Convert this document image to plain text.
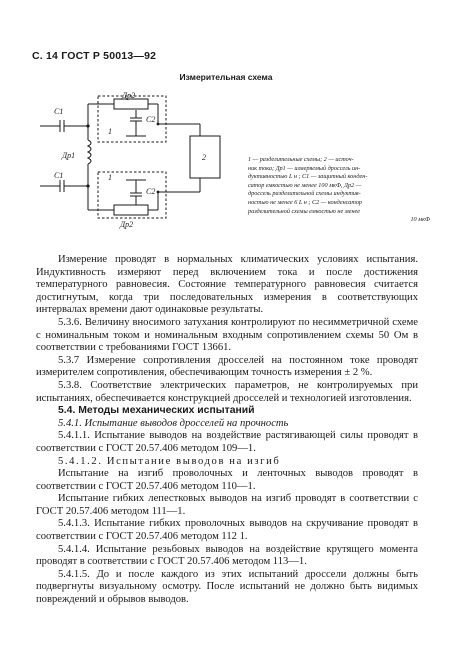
С. 14 ГОСТ Р 50013—92
Измерительная схема
С1
С1
Др1
Др2
Др2
С2
С2
1
1
2	1 — разделительные схемы; 2 — источ-
ник тока; Др1 — измеряемый дроссель ин-
дуктивностью L н ; С1 — защитный конден-
сатор емкостью не менее 100 мкФ, Др2 —
дроссель разделительной схемы индуктив-
ностью не менее 6 L н ; С2 — конденсатор
разделительной схемы емкостью не менее
10 мкФ

Измерение проводят в нормальных климатических условиях испытания. Индуктивность измеряют перед включением тока и после достижения температурного равновесия. Состояние температурного равновесия считается достигнутым, когда три последовательных измерения в соответствующих интервалах времени дают одинаковые результаты.

5.3.6. Величину вносимого затухания контролируют по несимметричной схеме с номинальным током и номинальным входным сопротивлением схемы 50 Ом в соответствии с требованиями ГОСТ 13661.

5.3.7 Измерение сопротивления дросселей на постоянном токе проводят измерителем сопротивления, обеспечивающим точность измерения ± 2 %.

5.3.8. Соответствие электрических параметров, не контролируемых при испытаниях, обеспечивается конструкцией дросселей и технологией изготовления.

5.4. Методы механических испытаний

5.4.1. Испытание выводов дросселей на прочность

5.4.1.1. Испытание выводов на воздействие растягивающей силы проводят в соответствии с ГОСТ 20.57.406 методом 109—1.

5.4.1.2. Испытание выводов на изгиб

Испытание на изгиб проволочных и ленточных выводов проводят в соответствии с ГОСТ 20.57.406 методом 110—1.

Испытание гибких лепестковых выводов на изгиб проводят в соответствии с ГОСТ 20.57.406 методом 111—1.

5.4.1.3. Испытание гибких проволочных выводов на скручивание проводят в соответствии с ГОСТ 20.57.406 методом 112 1.

5.4.1.4. Испытание резьбовых выводов на воздействие крутящего момента проводят в соответствии с ГОСТ 20.57.406 методом 113—1.

5.4.1.5. До и после каждого из этих испытаний дроссели должны быть подвергнуты визуальному осмотру. После испытаний не должно быть видимых повреждений и обрывов выводов.
